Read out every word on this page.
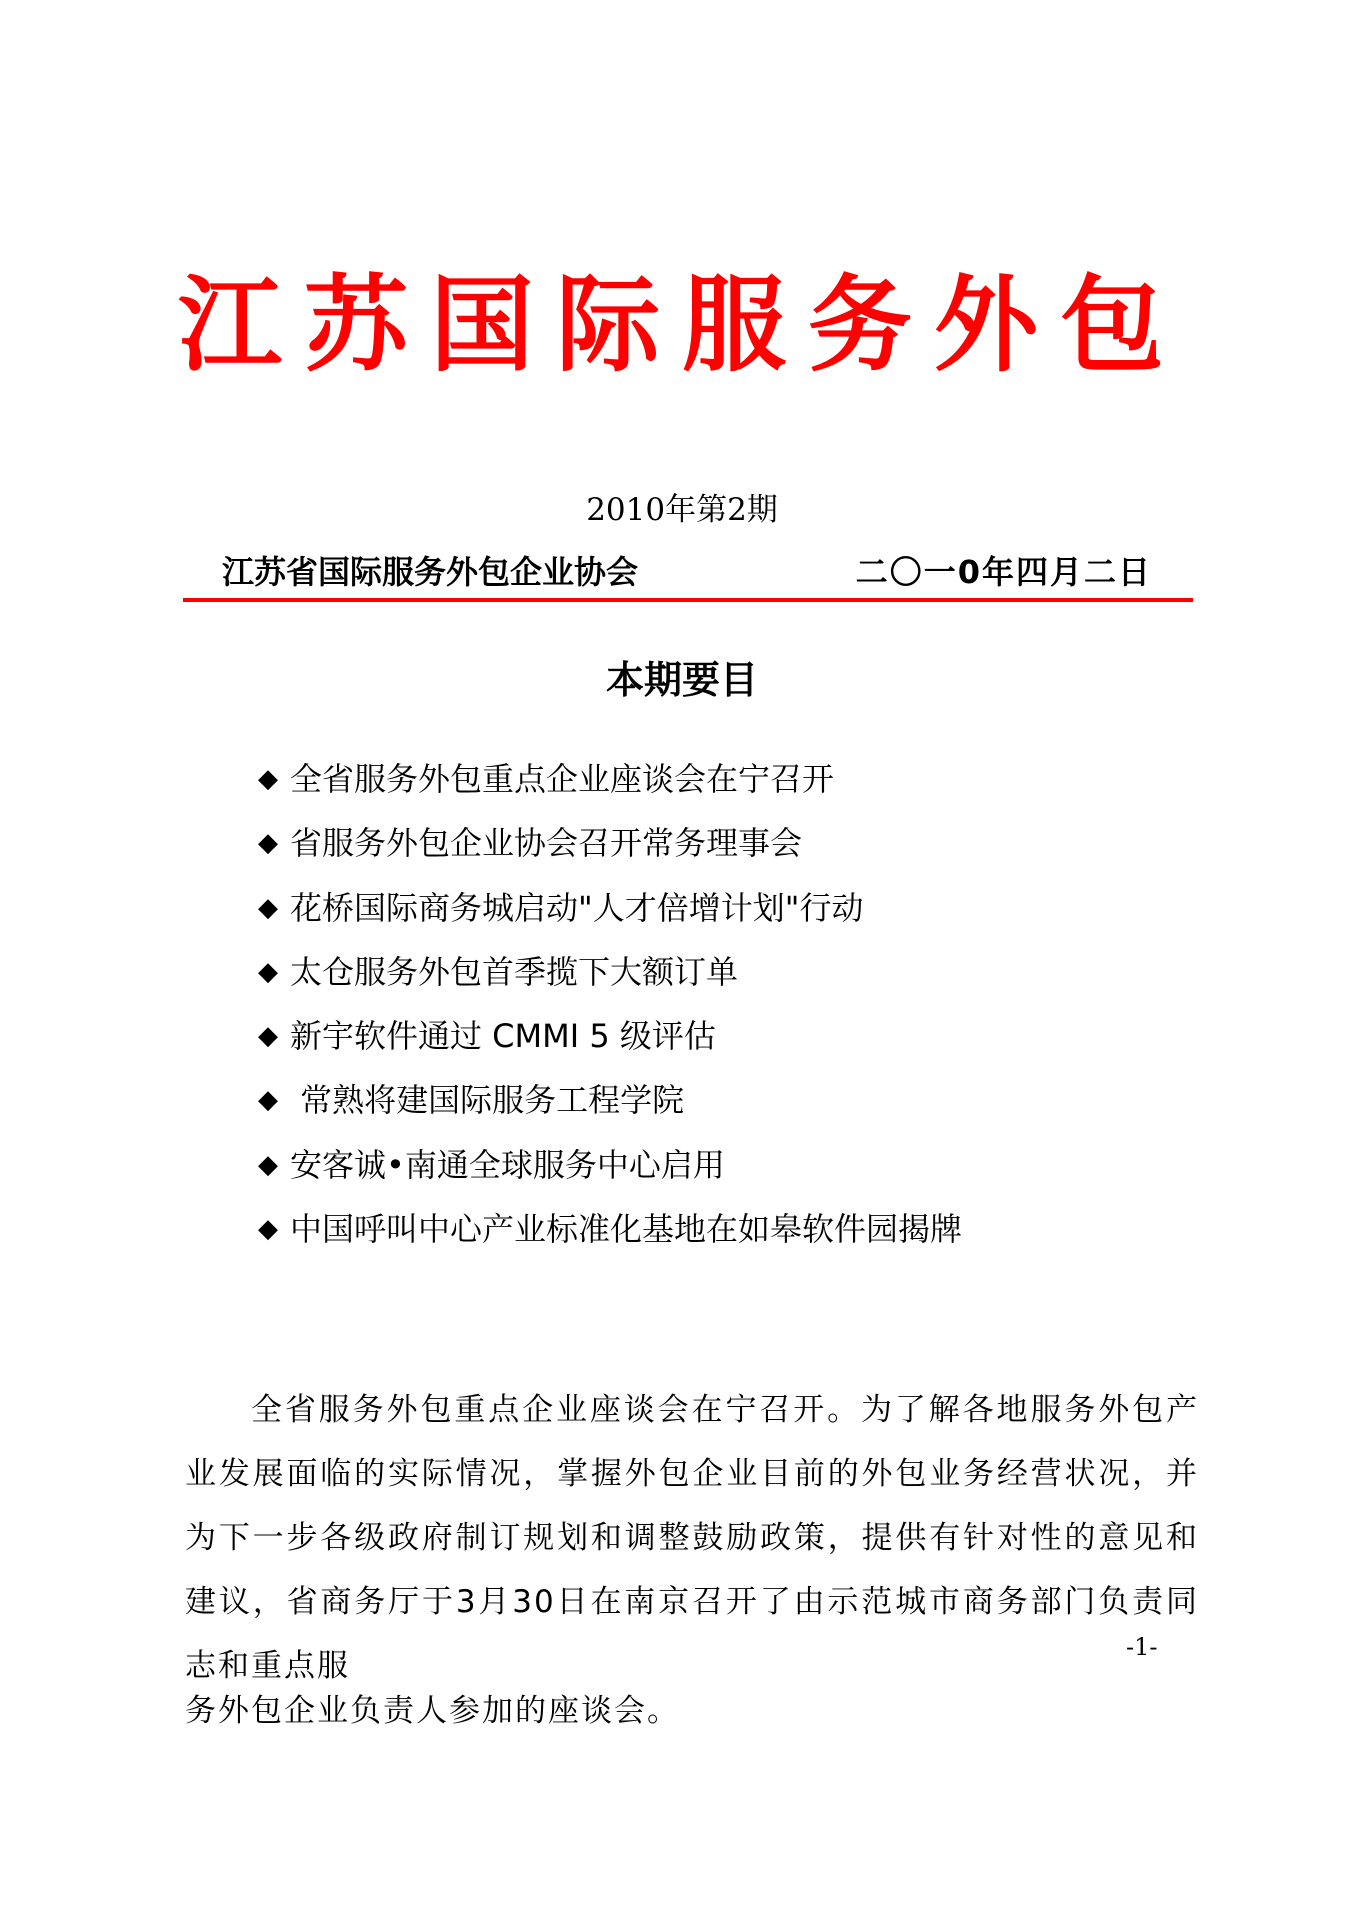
江苏国际服务外包
2010年第2期
江苏省国际服务外包企业协会	二〇一0年四月二日
本期要目
◆ 全省服务外包重点企业座谈会在宁召开
◆ 省服务外包企业协会召开常务理事会
◆ 花桥国际商务城启动"人才倍增计划"行动
◆ 太仓服务外包首季揽下大额订单
◆ 新宇软件通过 CMMI 5 级评估
◆ 常熟将建国际服务工程学院
◆ 安客诚•南通全球服务中心启用
◆ 中国呼叫中心产业标准化基地在如皋软件园揭牌

全省服务外包重点企业座谈会在宁召开。为了解各地服务外包产业发展面临的实际情况，掌握外包企业目前的外包业务经营状况，并为下一步各级政府制订规划和调整鼓励政策，提供有针对性的意见和建议，省商务厅于3月30日在南京召开了由示范城市商务部门负责同志和重点服

-1-

务外包企业负责人参加的座谈会。
